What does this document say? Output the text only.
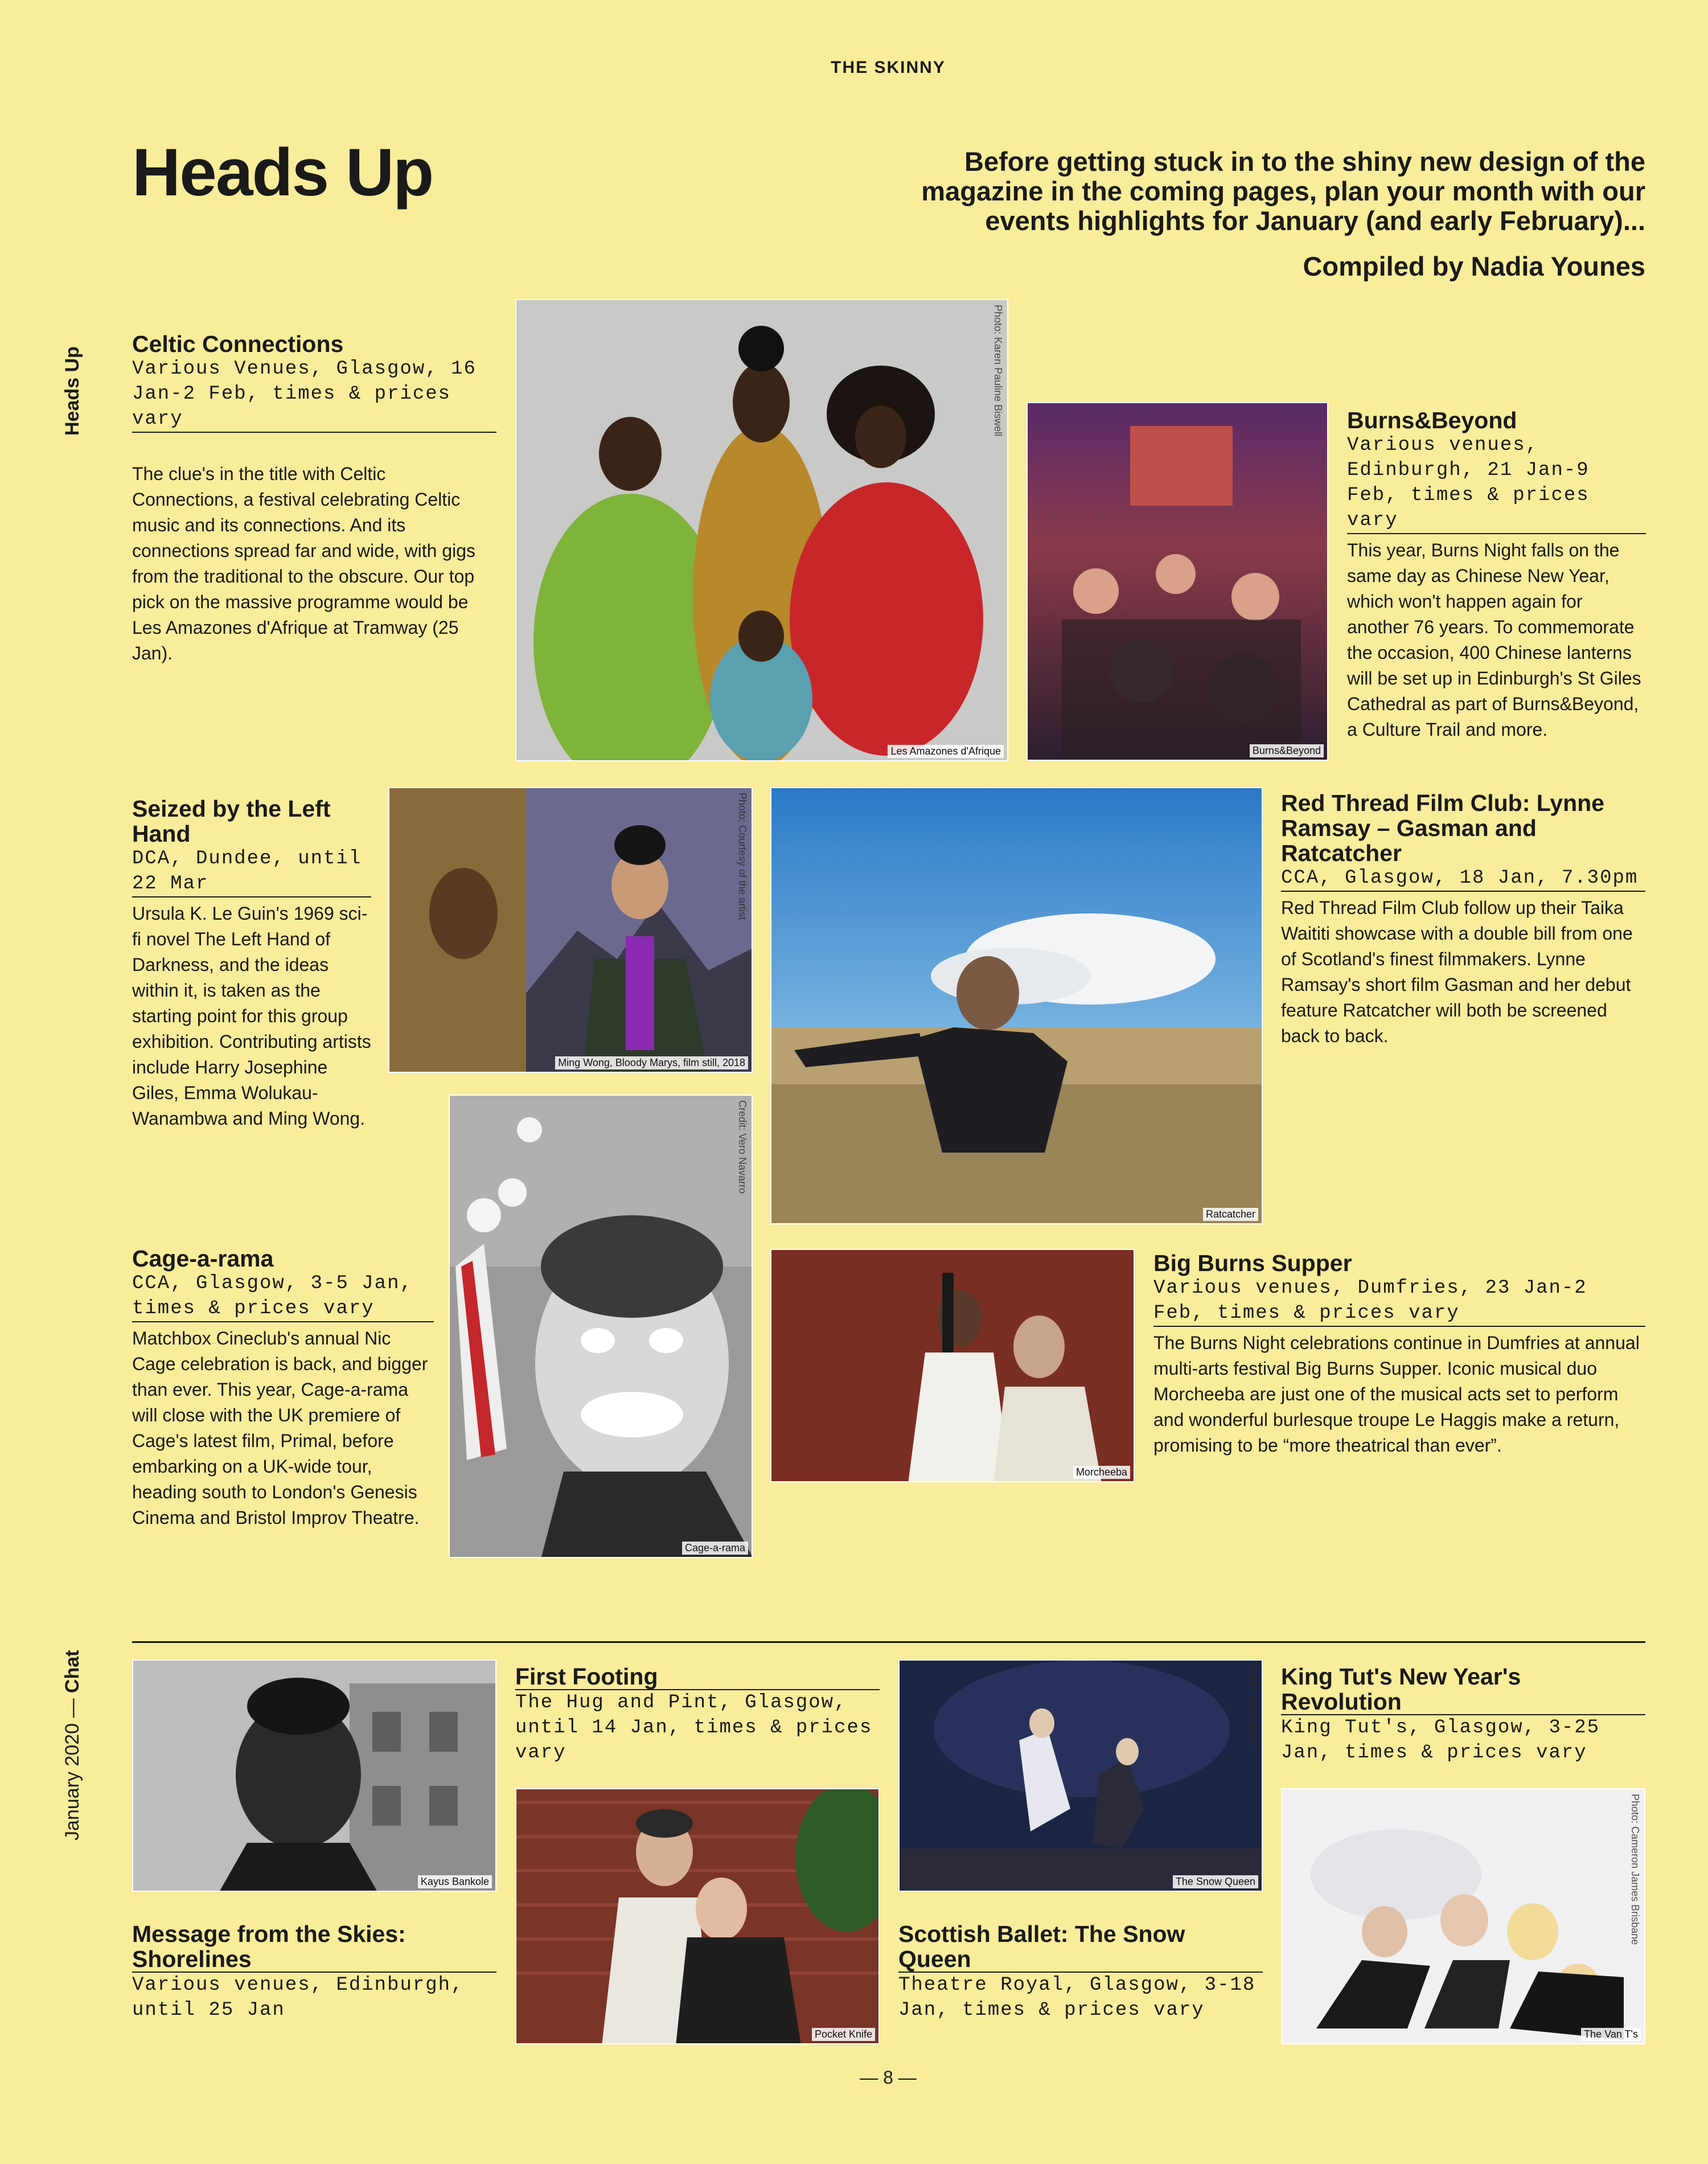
THE SKINNY
Heads Up	Before getting stuck in to the shiny new design of the magazine in the coming pages, plan your month with our events highlights for January (and early February)...
Compiled by Nadia Younes
Heads Up
January 2020 — Chat
Celtic Connections
Various Venues, Glasgow, 16 Jan-2 Feb, times & prices vary
The clue's in the title with Celtic Connections, a festival celebrating Celtic music and its connections. And its connections spread far and wide, with gigs from the traditional to the obscure. Our top pick on the massive programme would be Les Amazones d'Afrique at Tramway (25 Jan).
Photo: Karen Pauline Biswell
Les Amazones d'Afrique	Burns&Beyond
Burns&Beyond
Various venues, Edinburgh, 21 Jan-9 Feb, times & prices vary
This year, Burns Night falls on the same day as Chinese New Year, which won't happen again for another 76 years. To commemorate the occasion, 400 Chinese lanterns will be set up in Edinburgh's St Giles Cathedral as part of Burns&Beyond, a Culture Trail and more.
Seized by the Left Hand
DCA, Dundee, until 22 Mar
Ursula K. Le Guin's 1969 sci-fi novel The Left Hand of Darkness, and the ideas within it, is taken as the starting point for this group exhibition. Contributing artists include Harry Josephine Giles, Emma Wolukau-Wanambwa and Ming Wong.
Photo: Courtesy of the artist
Ming Wong, Bloody Marys, film still, 2018
Ratcatcher
Red Thread Film Club: Lynne Ramsay – Gasman and Ratcatcher
CCA, Glasgow, 18 Jan, 7.30pm
Red Thread Film Club follow up their Taika Waititi showcase with a double bill from one of Scotland's finest filmmakers. Lynne Ramsay's short film Gasman and her debut feature Ratcatcher will both be screened back to back.
Credit: Vero Navarro
Cage-a-rama
Cage-a-rama
CCA, Glasgow, 3-5 Jan, times & prices vary
Matchbox Cineclub's annual Nic Cage celebration is back, and bigger than ever. This year, Cage-a-rama will close with the UK premiere of Cage's latest film, Primal, before embarking on a UK-wide tour, heading south to London's Genesis Cinema and Bristol Improv Theatre.
Morcheeba
Big Burns Supper
Various venues, Dumfries, 23 Jan-2 Feb, times & prices vary
The Burns Night celebrations continue in Dumfries at annual multi-arts festival Big Burns Supper. Iconic musical duo Morcheeba are just one of the musical acts set to perform and wonderful burlesque troupe Le Haggis make a return, promising to be “more theatrical than ever”.
Kayus Bankole
Message from the Skies: Shorelines
Various venues, Edinburgh, until 25 Jan
First Footing
The Hug and Pint, Glasgow, until 14 Jan, times & prices vary
Pocket Knife
Photo: Andy Ross
The Snow Queen
Scottish Ballet: The Snow Queen
Theatre Royal, Glasgow, 3-18 Jan, times & prices vary
King Tut's New Year's Revolution
King Tut's, Glasgow, 3-25 Jan, times & prices vary
Photo: Cameron James Brisbane
The Van T's
— 8 —
